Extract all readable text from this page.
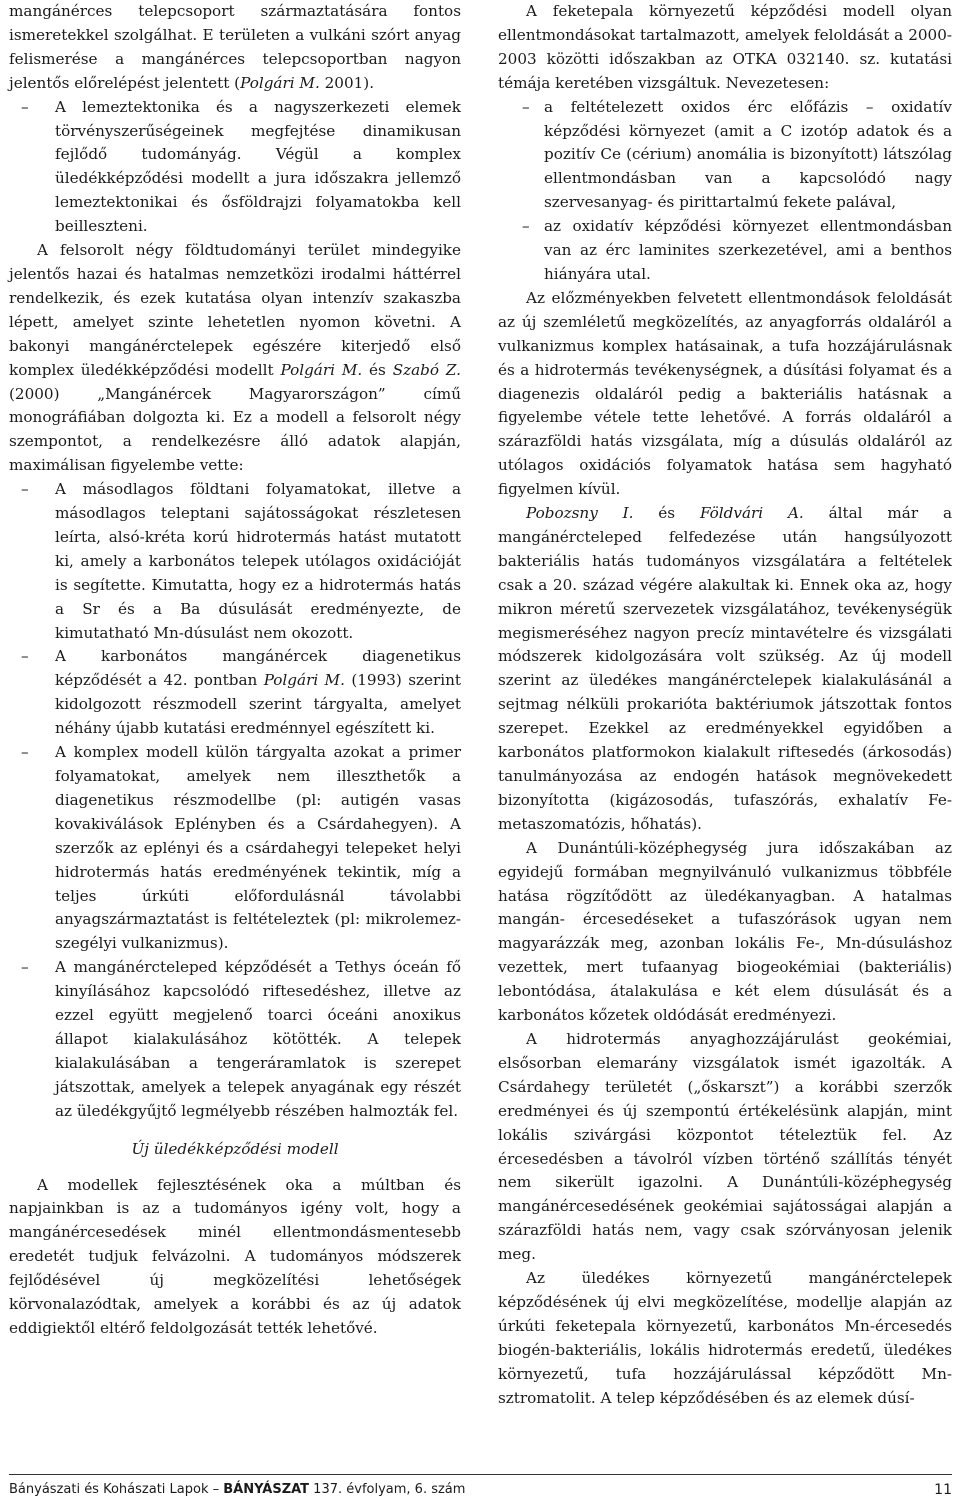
mangánérces telepcsoport származtatására fontos ismeretekkel szolgálhat. E területen a vulkáni szórt anyag felismerése a mangánérces telepcsoportban nagyon jelentős előrelépést jelentett (Polgári M. 2001).

– A lemeztektonika és a nagyszerkezeti elemek törvényszerűségeinek megfejtése dinamikusan fejlődő tudományág. Végül a komplex üledékképződési modellt a jura időszakra jellemző lemeztektonikai és ősföldrajzi folyamatokba kell beilleszteni.

A felsorolt négy földtudományi terület mindegyike jelentős hazai és hatalmas nemzetközi irodalmi háttérrel rendelkezik, és ezek kutatása olyan intenzív szakaszba lépett, amelyet szinte lehetetlen nyomon követni. A bakonyi mangánérctelepek egészére kiterjedő első komplex üledékképződési modellt Polgári M. és Szabó Z. (2000) „Mangánércek Magyarországon” című monográfiában dolgozta ki. Ez a modell a felsorolt négy szempontot, a rendelkezésre álló adatok alapján, maximálisan figyelembe vette:

– A másodlagos földtani folyamatokat, illetve a másodlagos teleptani sajátosságokat részletesen leírta, alsó-kréta korú hidrotermás hatást mutatott ki, amely a karbonátos telepek utólagos oxidációját is segítette. Kimutatta, hogy ez a hidrotermás hatás a Sr és a Ba dúsulását eredményezte, de kimutatható Mn-dúsulást nem okozott.
– A karbonátos mangánércek diagenetikus képződését a 42. pontban Polgári M. (1993) szerint kidolgozott részmodell szerint tárgyalta, amelyet néhány újabb kutatási eredménnyel egészített ki.
– A komplex modell külön tárgyalta azokat a primer folyamatokat, amelyek nem illeszthetők a diagenetikus részmodellbe (pl: autigén vasas kovakiválások Eplényben és a Csárdahegyen). A szerzők az eplényi és a csárdahegyi telepeket helyi hidrotermás hatás eredményének tekintik, míg a teljes úrkúti előfordulásnál távolabbi anyagszármaztatást is feltételeztek (pl: mikrolemez-szegélyi vulkanizmus).
– A mangánércteleped képződését a Tethys óceán fő kinyílásához kapcsolódó riftesedéshez, illetve az ezzel együtt megjelenő toarci óceáni anoxikus állapot kialakulásához kötötték. A telepek kialakulásában a tengeráramlatok is szerepet játszottak, amelyek a telepek anyagának egy részét az üledékgyűjtő legmélyebb részében halmozták fel.
Új üledékképződési modell

A modellek fejlesztésének oka a múltban és napjainkban is az a tudományos igény volt, hogy a mangánércesedések minél ellentmondásmentesebb eredetét tudjuk felvázolni. A tudományos módszerek fejlődésével új megközelítési lehetőségek körvonalazódtak, amelyek a korábbi és az új adatok eddigiektől eltérő feldolgozását tették lehetővé.

A feketepala környezetű képződési modell olyan ellentmondásokat tartalmazott, amelyek feloldását a 2000-2003 közötti időszakban az OTKA 032140. sz. kutatási témája keretében vizsgáltuk. Nevezetesen:

– a feltételezett oxidos érc előfázis – oxidatív képződési környezet (amit a C izotóp adatok és a pozitív Ce (cérium) anomália is bizonyított) látszólag ellentmondásban van a kapcsolódó nagy szervesanyag- és pirittartalmú fekete palával,
– az oxidatív képződési környezet ellentmondásban van az érc laminites szerkezetével, ami a benthos hiányára utal.

Az előzményekben felvetett ellentmondások feloldását az új szemléletű megközelítés, az anyagforrás oldaláról a vulkanizmus komplex hatásainak, a tufa hozzájárulásnak és a hidrotermás tevékenységnek, a dúsítási folyamat és a diagenezis oldaláról pedig a bakteriális hatásnak a figyelembe vétele tette lehetővé. A forrás oldaláról a szárazföldi hatás vizsgálata, míg a dúsulás oldaláról az utólagos oxidációs folyamatok hatása sem hagyható figyelmen kívül.

Pobozsny I. és Földvári A. által már a mangánércteleped felfedezése után hangsúlyozott bakteriális hatás tudományos vizsgálatára a feltételek csak a 20. század végére alakultak ki. Ennek oka az, hogy mikron méretű szervezetek vizsgálatához, tevékenységük megismeréséhez nagyon precíz mintavételre és vizsgálati módszerek kidolgozására volt szükség. Az új modell szerint az üledékes mangánérctelepek kialakulásánál a sejtmag nélküli prokarióta baktériumok játszottak fontos szerepet. Ezekkel az eredményekkel egyidőben a karbonátos platformokon kialakult riftesedés (árkosodás) tanulmányozása az endogén hatások megnövekedett bizonyította (kigázosodás, tufaszórás, exhalatív Fe-metaszomatózis, hőhatás).

A Dunántúli-középhegység jura időszakában az egyidejű formában megnyilvánuló vulkanizmus többféle hatása rögzítődött az üledékanyagban. A hatalmas mangán- ércesedéseket a tufaszórások ugyan nem magyarázzák meg, azonban lokális Fe-, Mn-dúsuláshoz vezettek, mert tufaanyag biogeokémiai (bakteriális) lebontódása, átalakulása e két elem dúsulását és a karbonátos kőzetek oldódását eredményezi.

A hidrotermás anyaghozzájárulást geokémiai, elsősorban elemarány vizsgálatok ismét igazolták. A Csárdahegy területét („őskarszt”) a korábbi szerzők eredményei és új szempontú értékelésünk alapján, mint lokális szivárgási központot tételeztük fel. Az ércesedésben a távolról vízben történő szállítás tényét nem sikerült igazolni. A Dunántúli-középhegység mangánércesedésének geokémiai sajátosságai alapján a szárazföldi hatás nem, vagy csak szórványosan jelenik meg.

Az üledékes környezetű mangánérctelepek képződésének új elvi megközelítése, modellje alapján az úrkúti feketepala környezetű, karbonátos Mn-ércesedés biogén-bakteriális, lokális hidrotermás eredetű, üledékes környezetű, tufa hozzájárulással képződött Mn-sztromatolit. A telep képződésében és az elemek dúsí-

Bányászati és Kohászati Lapok – BÁNYÁSZAT 137. évfolyam, 6. szám	11
